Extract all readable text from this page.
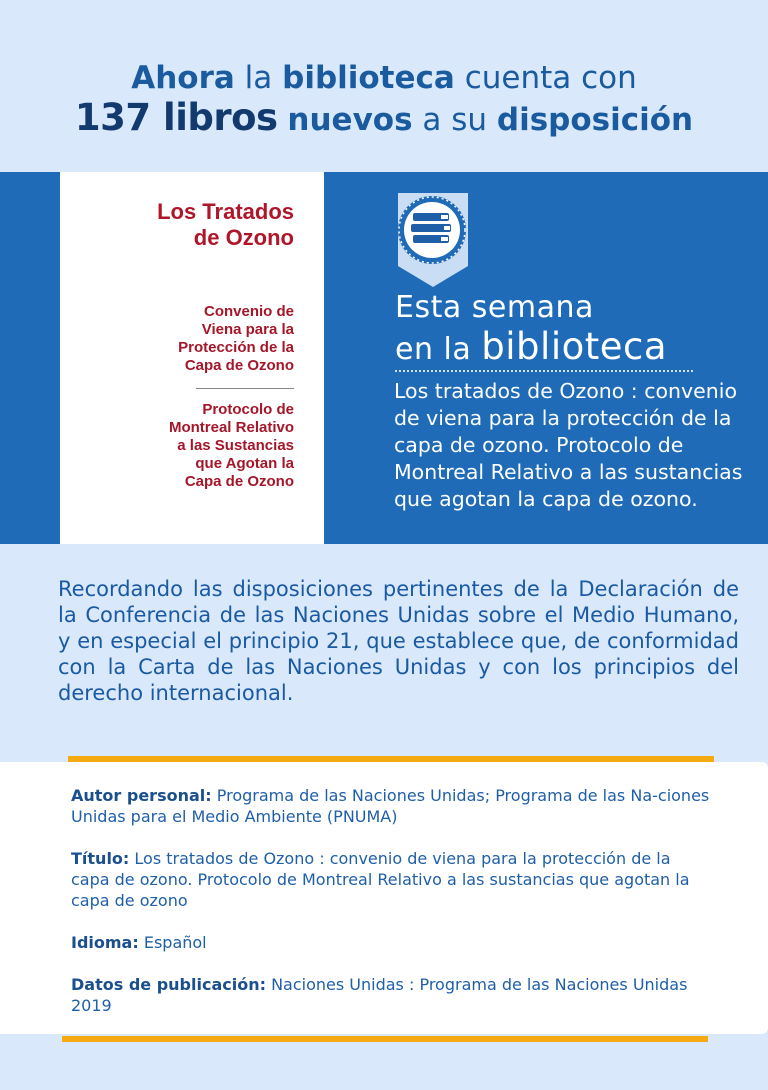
Ahora la biblioteca cuenta con
137 libros nuevos a su disposición
Los Tratados
de Ozono
Convenio de
Viena para la
Protección de la
Capa de Ozono
Protocolo de
Montreal Relativo
a las Sustancias
que Agotan la
Capa de Ozono
Esta semana
en la biblioteca
Los tratados de Ozono : convenio de viena para la protección de la capa de ozono. Protocolo de Montreal Relativo a las sustancias que agotan la capa de ozono.
Recordando las disposiciones pertinentes de la Declaración de la Conferencia de las Naciones Unidas sobre el Medio Humano, y en especial el principio 21, que establece que, de conformidad con la Carta de las Naciones Unidas y con los principios del derecho internacional.
Autor personal: Programa de las Naciones Unidas; Programa de las Na-ciones Unidas para el Medio Ambiente (PNUMA)
Título: Los tratados de Ozono : convenio de viena para la protección de la capa de ozono. Protocolo de Montreal Relativo a las sustancias que agotan la capa de ozono
Idioma: Español
Datos de publicación: Naciones Unidas : Programa de las Naciones Unidas 2019
